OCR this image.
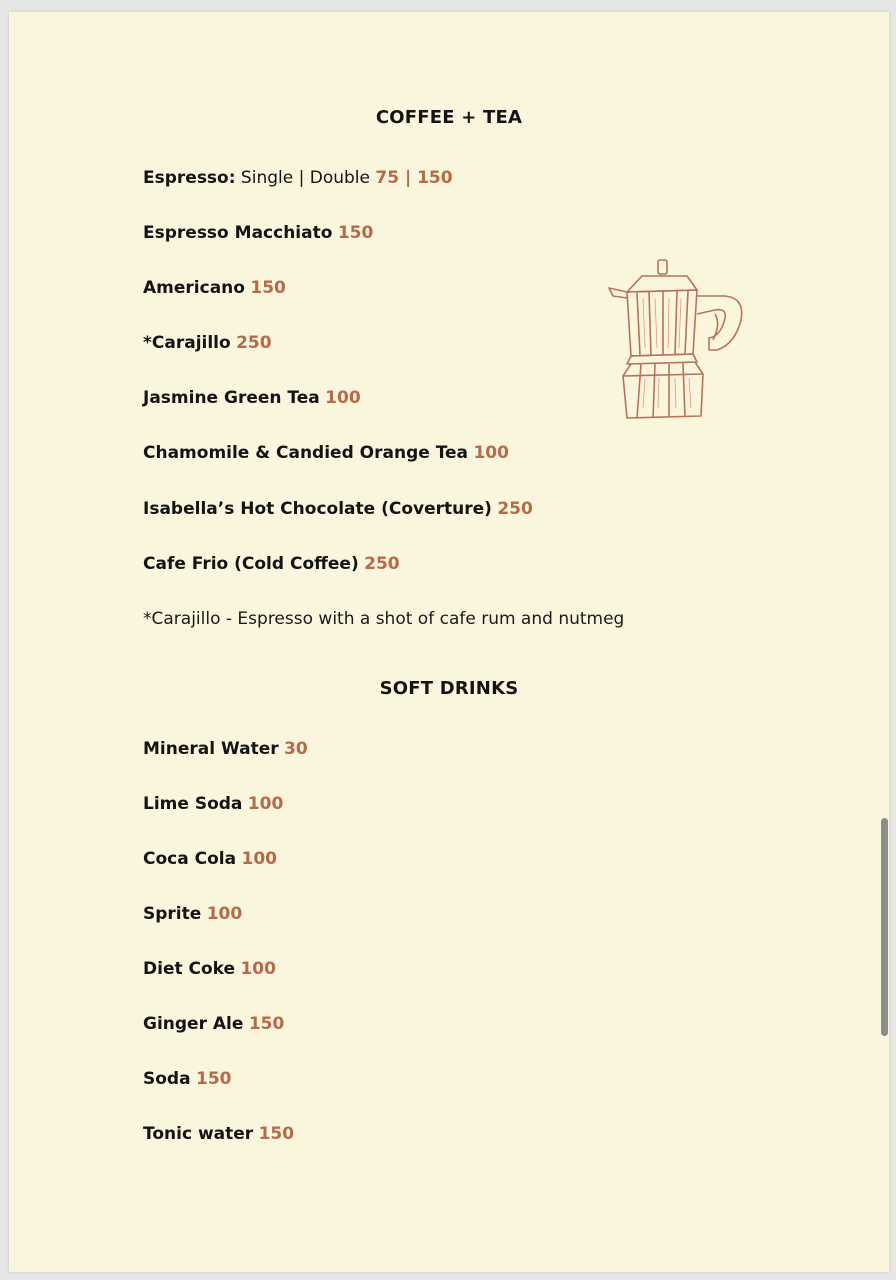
COFFEE + TEA
Espresso: Single | Double 75 | 150
Espresso Macchiato 150
Americano 150
*Carajillo 250
Jasmine Green Tea 100
Chamomile & Candied Orange Tea 100
Isabella’s Hot Chocolate (Coverture) 250
Cafe Frio (Cold Coffee) 250
*Carajillo - Espresso with a shot of cafe rum and nutmeg
SOFT DRINKS
Mineral Water 30
Lime Soda 100
Coca Cola 100
Sprite 100
Diet Coke 100
Ginger Ale 150
Soda 150
Tonic water 150
